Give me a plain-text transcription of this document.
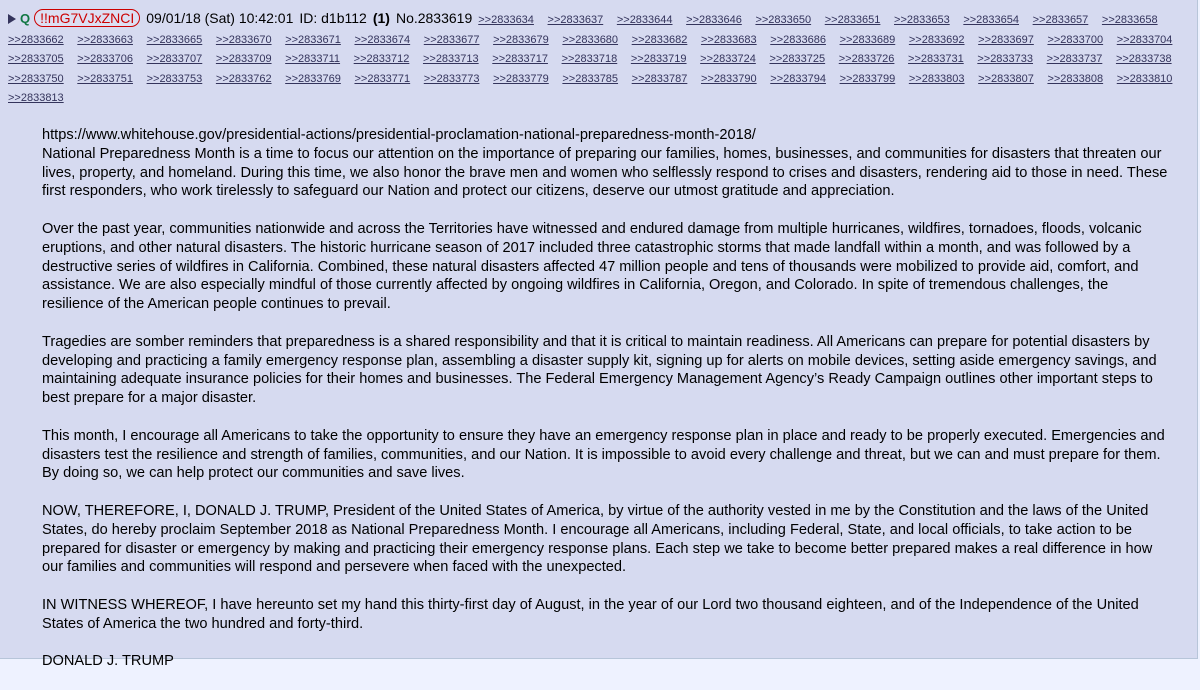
Q !!mG7VJxZNCI 09/01/18 (Sat) 10:42:01 ID: d1b112 (1) No.2833619 >>2833634 >>2833637 >>2833644 >>2833646 >>2833650 >>2833651 >>2833653 >>2833654 >>2833657 >>2833658 >>2833662 >>2833663 >>2833665 >>2833670 >>2833671 >>2833674 >>2833677 >>2833679 >>2833680 >>2833682 >>2833683 >>2833686 >>2833689 >>2833692 >>2833697 >>2833700 >>2833704 >>2833705 >>2833706 >>2833707 >>2833709 >>2833711 >>2833712 >>2833713 >>2833717 >>2833718 >>2833719 >>2833724 >>2833725 >>2833726 >>2833731 >>2833733 >>2833737 >>2833738 >>2833750 >>2833751 >>2833753 >>2833762 >>2833769 >>2833771 >>2833773 >>2833779 >>2833785 >>2833787 >>2833790 >>2833794 >>2833799 >>2833803 >>2833807 >>2833808 >>2833810 >>2833813
https://www.whitehouse.gov/presidential-actions/presidential-proclamation-national-preparedness-month-2018/

National Preparedness Month is a time to focus our attention on the importance of preparing our families, homes, businesses, and communities for disasters that threaten our lives, property, and homeland. During this time, we also honor the brave men and women who selflessly respond to crises and disasters, rendering aid to those in need. These first responders, who work tirelessly to safeguard our Nation and protect our citizens, deserve our utmost gratitude and appreciation.

Over the past year, communities nationwide and across the Territories have witnessed and endured damage from multiple hurricanes, wildfires, tornadoes, floods, volcanic eruptions, and other natural disasters. The historic hurricane season of 2017 included three catastrophic storms that made landfall within a month, and was followed by a destructive series of wildfires in California. Combined, these natural disasters affected 47 million people and tens of thousands were mobilized to provide aid, comfort, and assistance. We are also especially mindful of those currently affected by ongoing wildfires in California, Oregon, and Colorado. In spite of tremendous challenges, the resilience of the American people continues to prevail.

Tragedies are somber reminders that preparedness is a shared responsibility and that it is critical to maintain readiness. All Americans can prepare for potential disasters by developing and practicing a family emergency response plan, assembling a disaster supply kit, signing up for alerts on mobile devices, setting aside emergency savings, and maintaining adequate insurance policies for their homes and businesses. The Federal Emergency Management Agency’s Ready Campaign outlines other important steps to best prepare for a major disaster.

This month, I encourage all Americans to take the opportunity to ensure they have an emergency response plan in place and ready to be properly executed. Emergencies and disasters test the resilience and strength of families, communities, and our Nation. It is impossible to avoid every challenge and threat, but we can and must prepare for them. By doing so, we can help protect our communities and save lives.

NOW, THEREFORE, I, DONALD J. TRUMP, President of the United States of America, by virtue of the authority vested in me by the Constitution and the laws of the United States, do hereby proclaim September 2018 as National Preparedness Month. I encourage all Americans, including Federal, State, and local officials, to take action to be prepared for disaster or emergency by making and practicing their emergency response plans. Each step we take to become better prepared makes a real difference in how our families and communities will respond and persevere when faced with the unexpected.

IN WITNESS WHEREOF, I have hereunto set my hand this thirty-first day of August, in the year of our Lord two thousand eighteen, and of the Independence of the United States of America the two hundred and forty-third.

DONALD J. TRUMP
